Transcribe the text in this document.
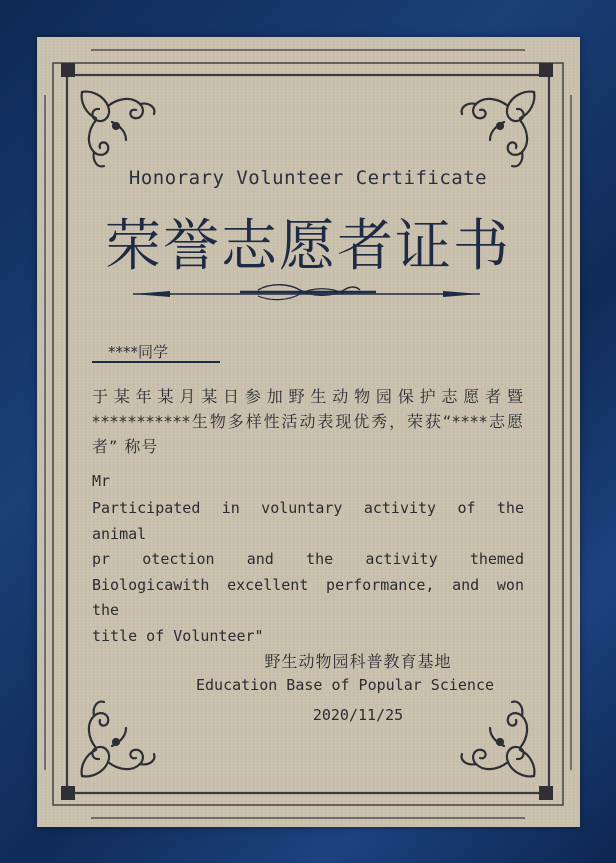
Honorary Volunteer Certificate

荣誉志愿者证书

****同学

于某年某月某日参加野生动物园保护志愿者暨***********生物多样性活动表现优秀，荣获“****志愿者” 称号

Mr

Participated in voluntary activity of the animal
pr otection and the activity themed
Biologicawith excellent performance, and won the
title of Volunteer"

野生动物园科普教育基地

Education Base of Popular Science

2020/11/25
